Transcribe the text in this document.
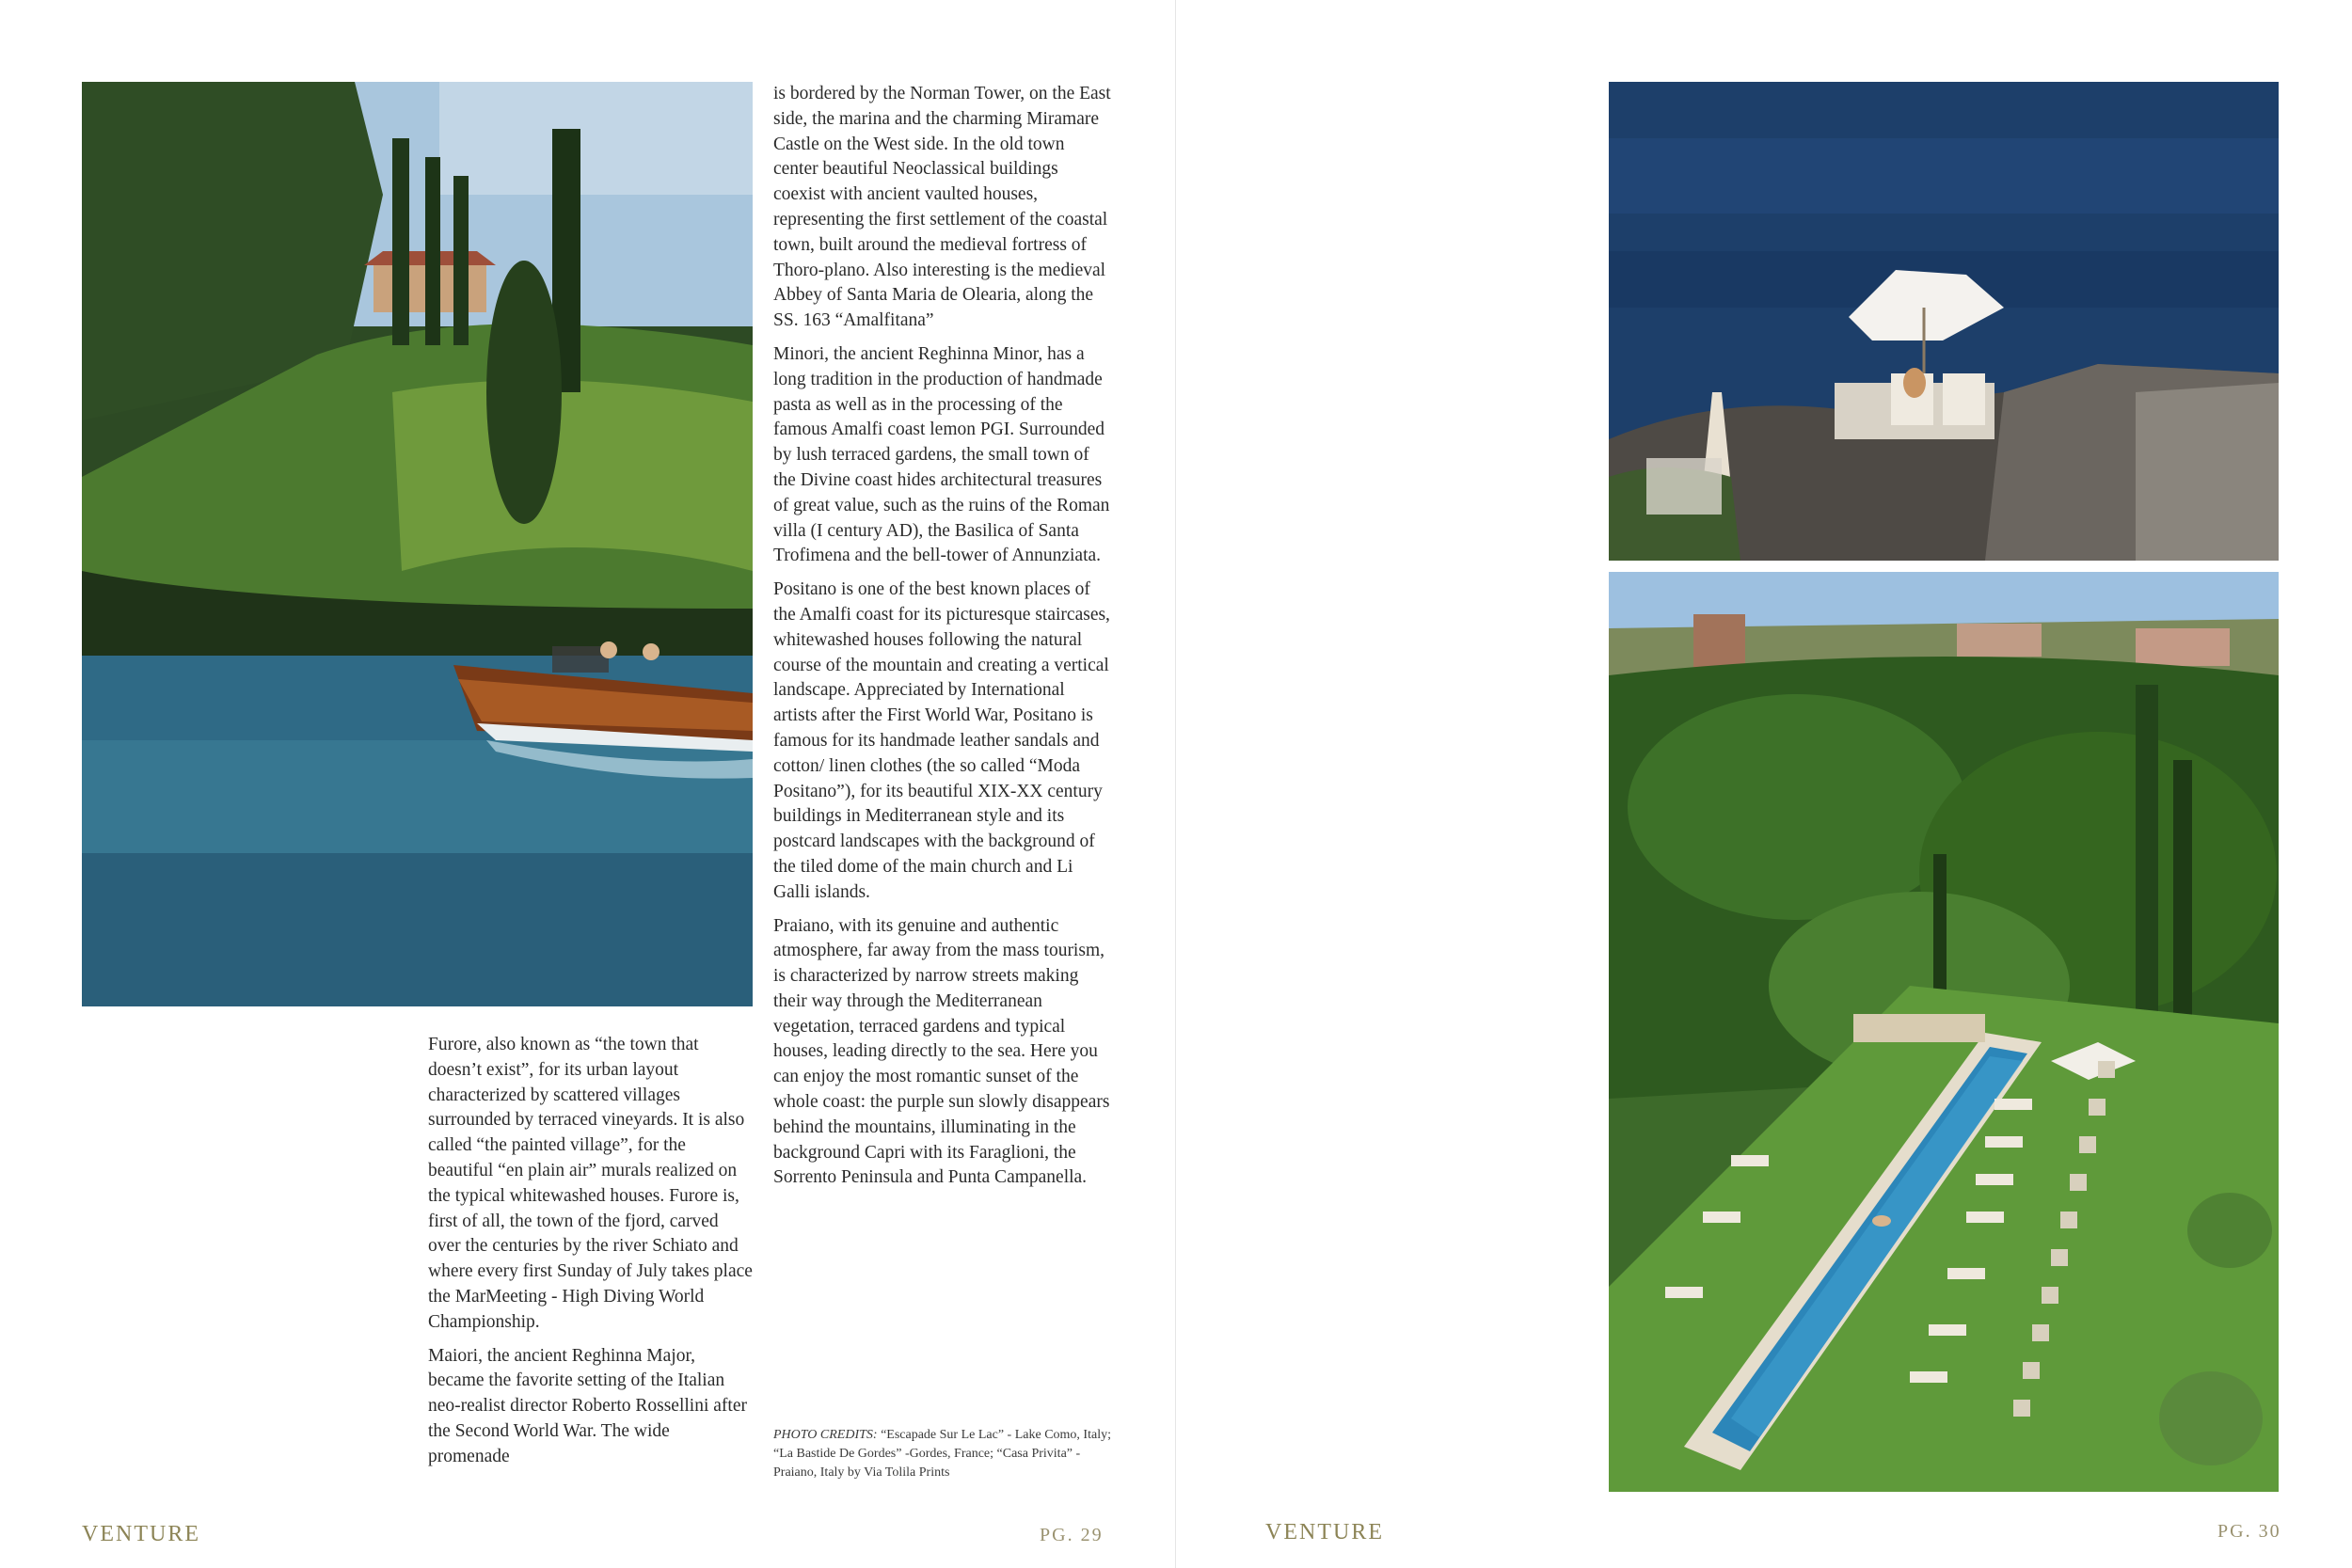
Furore, also known as “the town that doesn’t exist”, for its urban layout characterized by scattered villages surrounded by terraced vineyards. It is also called “the painted village”, for the beautiful “en plain air” murals realized on the typical whitewashed houses. Furore is, first of all, the town of the fjord, carved over the centuries by the river Schiato and where every first Sunday of July takes place the MarMeeting - High Diving World Championship.

Maiori, the ancient Reghinna Major, became the favorite setting of the Italian neo-realist director Roberto Rossellini after the Second World War. The wide promenade

is bordered by the Norman Tower, on the East side, the marina and the charming Miramare Castle on the West side. In the old town center beautiful Neoclassical buildings coexist with ancient vaulted houses, representing the first settlement of the coastal town, built around the medieval fortress of Thoro-plano. Also interesting is the medieval Abbey of Santa Maria de Olearia, along the SS. 163 “Amalfitana”

Minori, the ancient Reghinna Minor, has a long tradition in the production of handmade pasta as well as in the processing of the famous Amalfi coast lemon PGI. Surrounded by lush terraced gardens, the small town of the Divine coast hides architectural treasures of great value, such as the ruins of the Roman villa (I century AD), the Basilica of Santa Trofimena and the bell-tower of Annunziata.

Positano is one of the best known places of the Amalfi coast for its picturesque staircases, whitewashed houses following the natural course of the mountain and creating a vertical landscape. Appreciated by International artists after the First World War, Positano is famous for its handmade leather sandals and cotton/ linen clothes (the so called “Moda Positano”), for its beautiful XIX-XX century buildings in Mediterranean style and its postcard landscapes with the background of the tiled dome of the main church and Li Galli islands.

Praiano, with its genuine and authentic atmosphere, far away from the mass tourism, is characterized by narrow streets making their way through the Mediterranean vegetation, terraced gardens and typical houses, leading directly to the sea. Here you can enjoy the most romantic sunset of the whole coast: the purple sun slowly disappears behind the mountains, illuminating in the background Capri with its Faraglioni, the Sorrento Peninsula and Punta Campanella.

PHOTO CREDITS: “Escapade Sur Le Lac” - Lake Como, Italy; “La Bastide De Gordes” -Gordes, France; “Casa Privita” - Praiano, Italy by Via Tolila Prints
VENTURE	PG. 29	VENTURE	PG. 30
